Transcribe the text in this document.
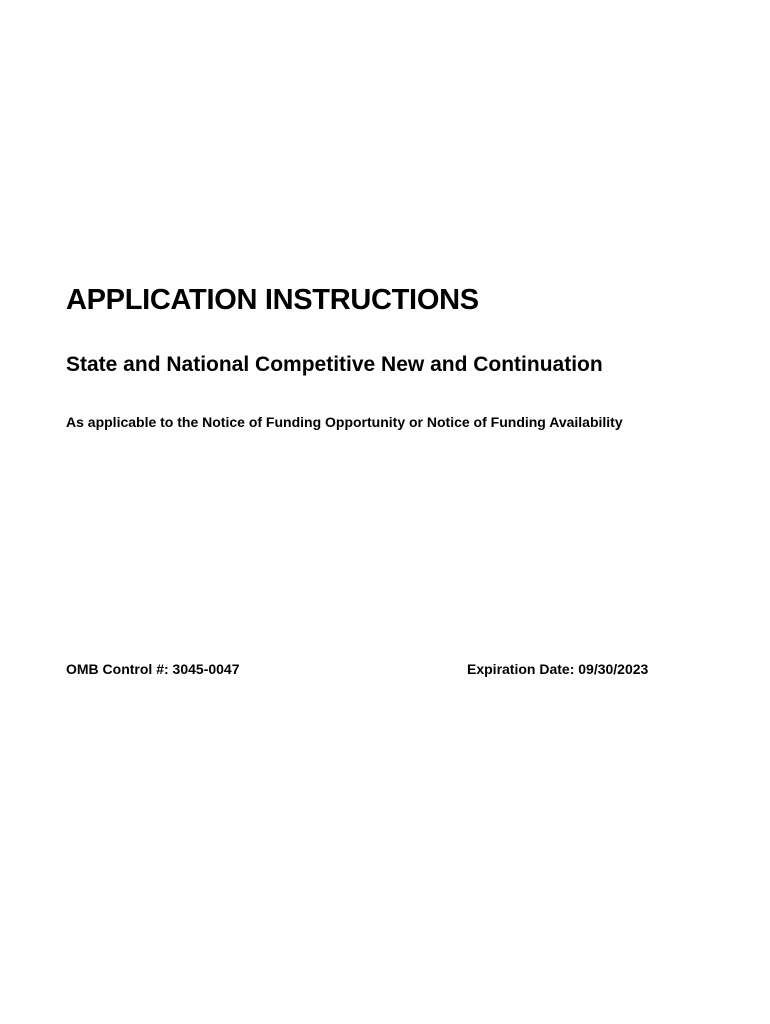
APPLICATION INSTRUCTIONS
State and National Competitive New and Continuation

As applicable to the Notice of Funding Opportunity or Notice of Funding Availability

OMB Control #: 3045-0047	Expiration Date: 09/30/2023
